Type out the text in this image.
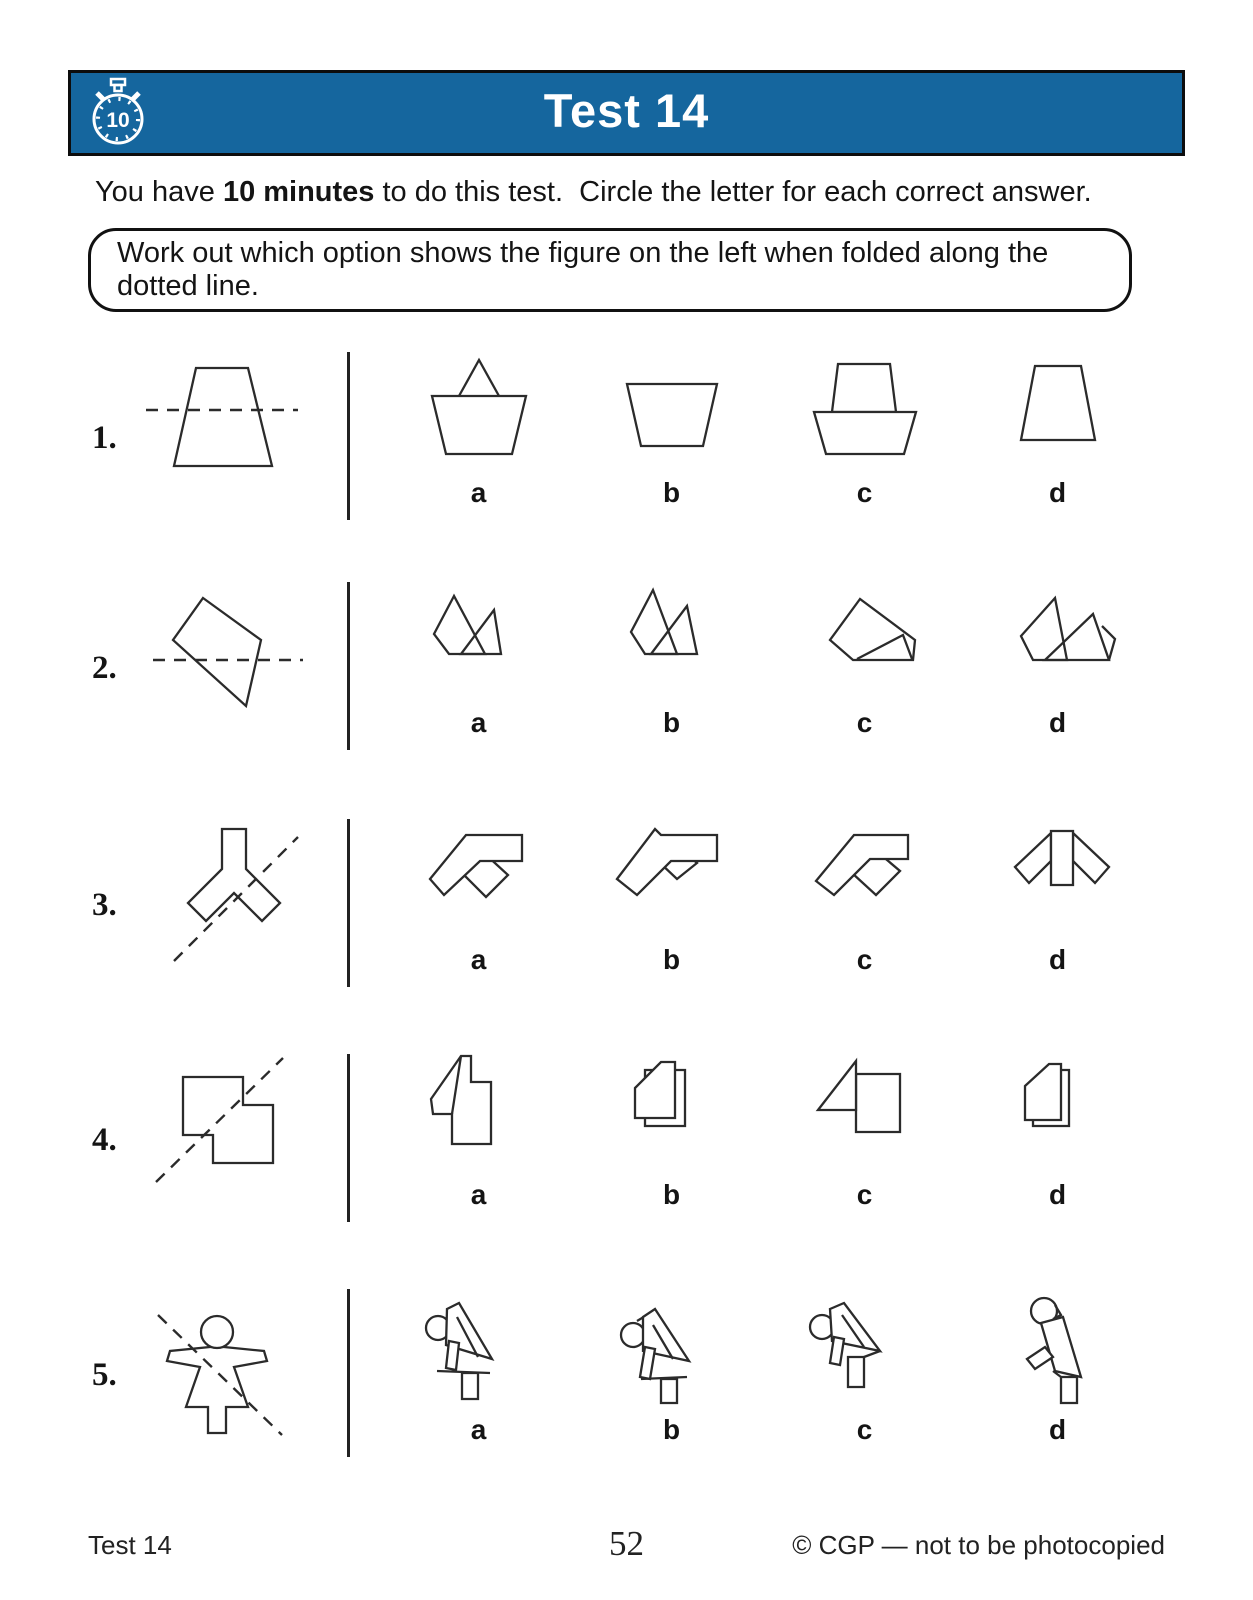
10	Test 14
You have 10 minutes to do this test.  Circle the letter for each correct answer.
Work out which option shows the figure on the left when folded along the dotted line.
1.
a	b	c	d
2.
a	b	c	d
3.
a	b	c	d
4.
a	b	c	d
5.
a	b	c	d
Test 14	52	© CGP — not to be photocopied
